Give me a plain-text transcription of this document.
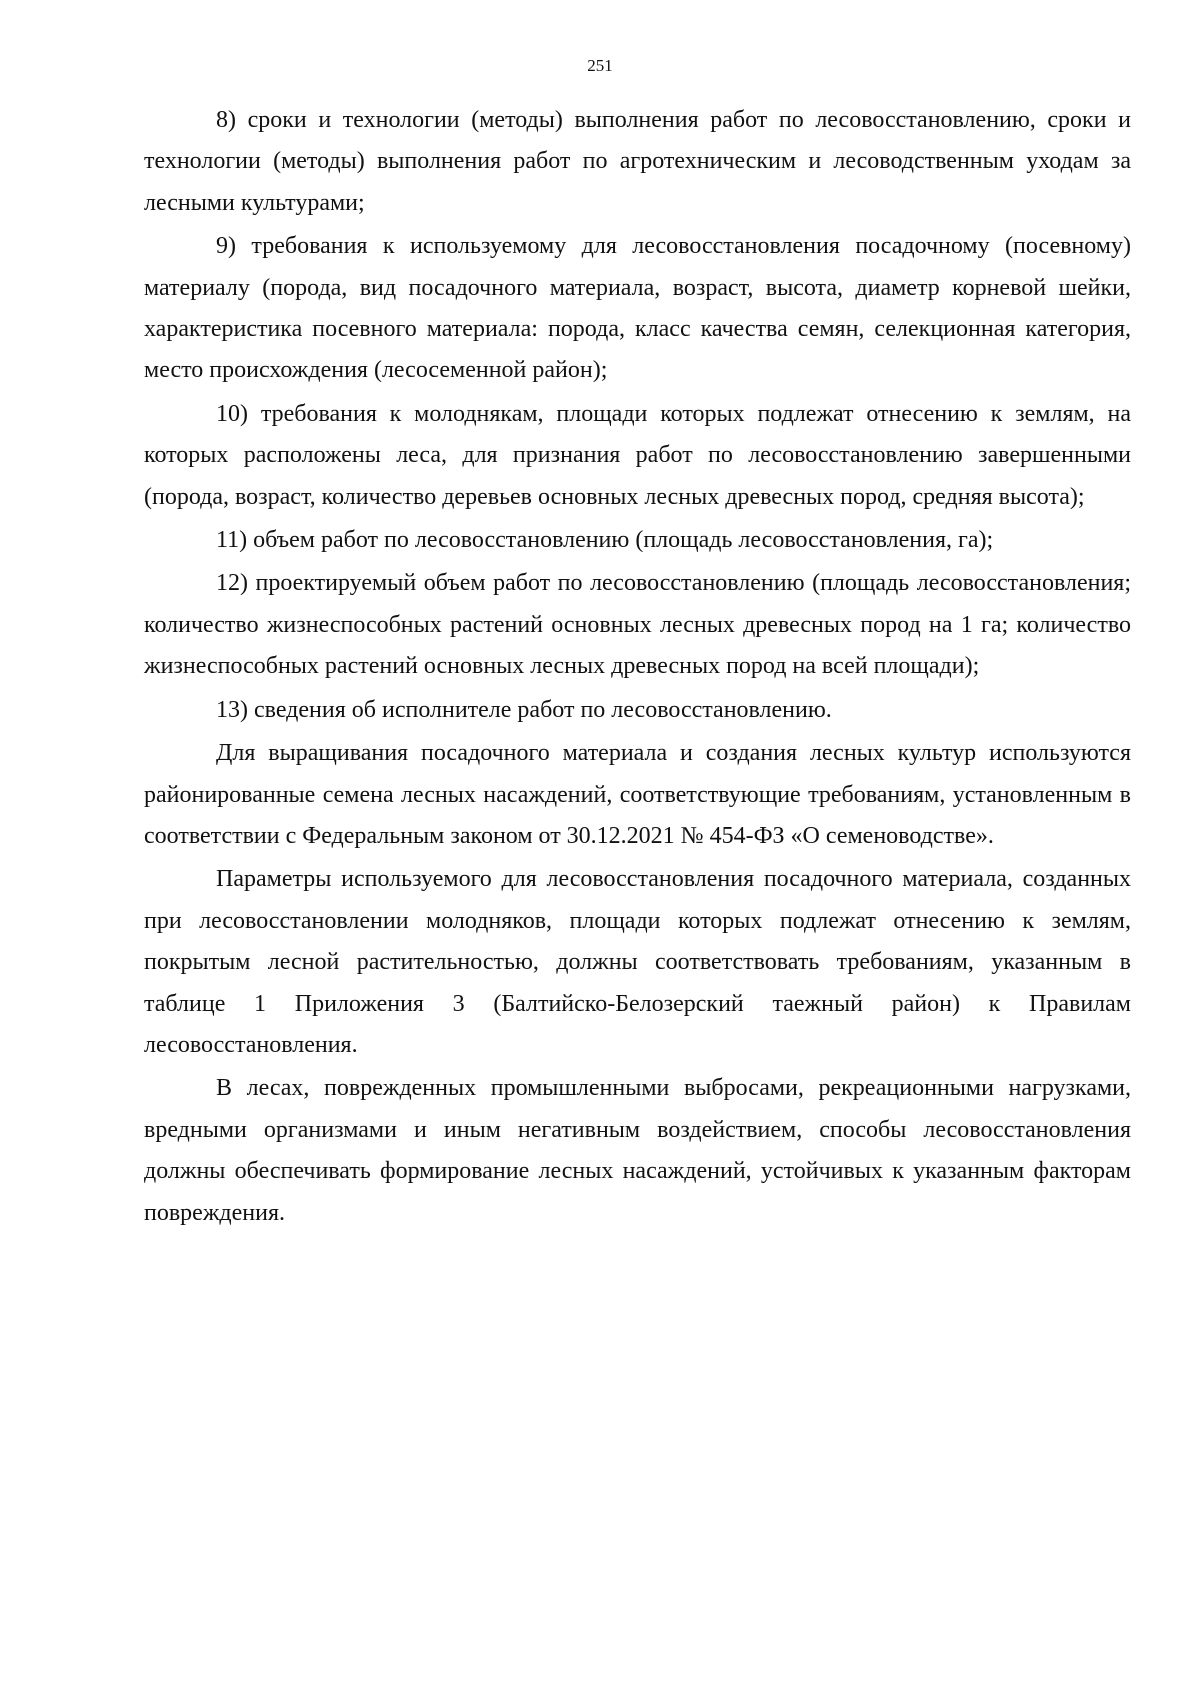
251

8) сроки и технологии (методы) выполнения работ по лесовосстановлению, сроки и технологии (методы) выполнения работ по агротехническим и лесоводственным уходам за лесными культурами;

9) требования к используемому для лесовосстановления посадочному (посевному) материалу (порода, вид посадочного материала, возраст, высота, диаметр корневой шейки, характеристика посевного материала: порода, класс качества семян, селекционная категория, место происхождения (лесосеменной район);

10) требования к молоднякам, площади которых подлежат отнесению к землям, на которых расположены леса, для признания работ по лесовосстановлению завершенными (порода, возраст, количество деревьев основных лесных древесных пород, средняя высота);

11) объем работ по лесовосстановлению (площадь лесовосстановления, га);

12) проектируемый объем работ по лесовосстановлению (площадь лесовосстановления; количество жизнеспособных растений основных лесных древесных пород на 1 га; количество жизнеспособных растений основных лесных древесных пород на всей площади);

13) сведения об исполнителе работ по лесовосстановлению.

Для выращивания посадочного материала и создания лесных культур используются районированные семена лесных насаждений, соответствующие требованиям, установленным в соответствии с Федеральным законом от 30.12.2021 № 454-ФЗ «О семеноводстве».

Параметры используемого для лесовосстановления посадочного материала, созданных при лесовосстановлении молодняков, площади которых подлежат отнесению к землям, покрытым лесной растительностью, должны соответствовать требованиям, указанным в таблице 1 Приложения 3 (Балтийско-Белозерский таежный район) к Правилам лесовосстановления.

В лесах, поврежденных промышленными выбросами, рекреационными нагрузками, вредными организмами и иным негативным воздействием, способы лесовосстановления должны обеспечивать формирование лесных насаждений, устойчивых к указанным факторам повреждения.
